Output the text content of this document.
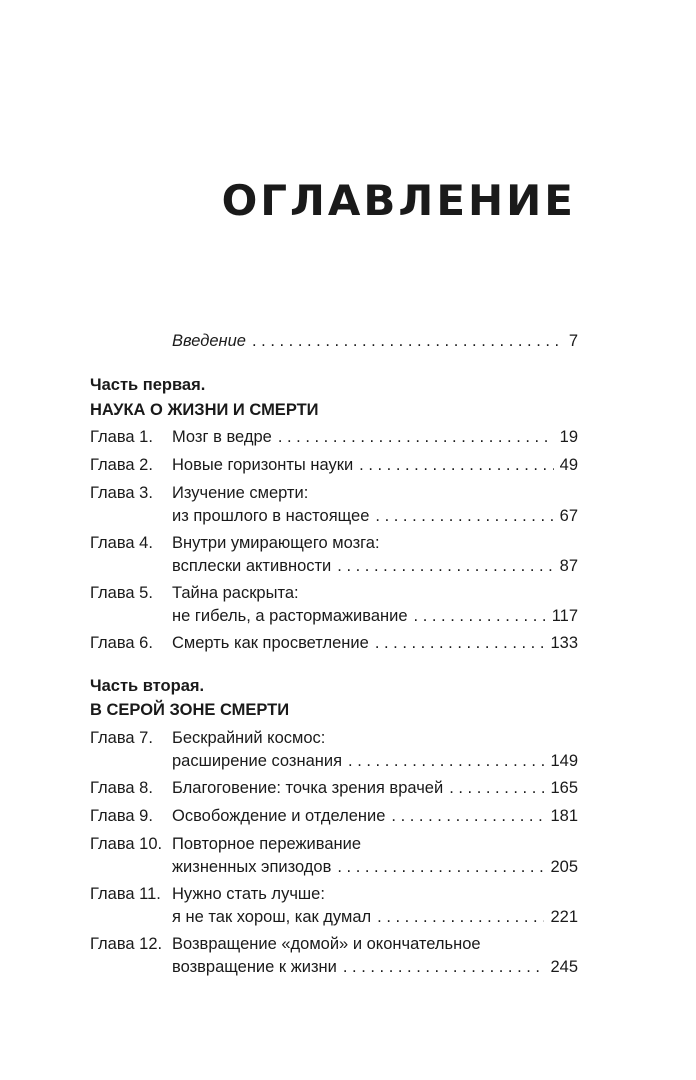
ОГЛАВЛЕНИЕ
Введение . . .	7
Часть первая.
НАУКА О ЖИЗНИ И СМЕРТИ
Глава 1.	Мозг в ведре . . .	19
Глава 2.	Новые горизонты науки . . .	49
Глава 3.	Изучение смерти:
из прошлого в настоящее . . .	67
Глава 4.	Внутри умирающего мозга:
всплески активности . . .	87
Глава 5.	Тайна раскрыта:
не гибель, а растормаживание . . .	117
Глава 6.	Смерть как просветление . . .	133
Часть вторая.
В СЕРОЙ ЗОНЕ СМЕРТИ
Глава 7.	Бескрайний космос:
расширение сознания . . .	149
Глава 8.	Благоговение: точка зрения врачей . . .	165
Глава 9.	Освобождение и отделение . . .	181
Глава 10. Повторное переживание
жизненных эпизодов . . .	205
Глава 11. Нужно стать лучше:
я не так хорош, как думал . . .	221
Глава 12. Возвращение «домой» и окончательное
возвращение к жизни . . .	245
